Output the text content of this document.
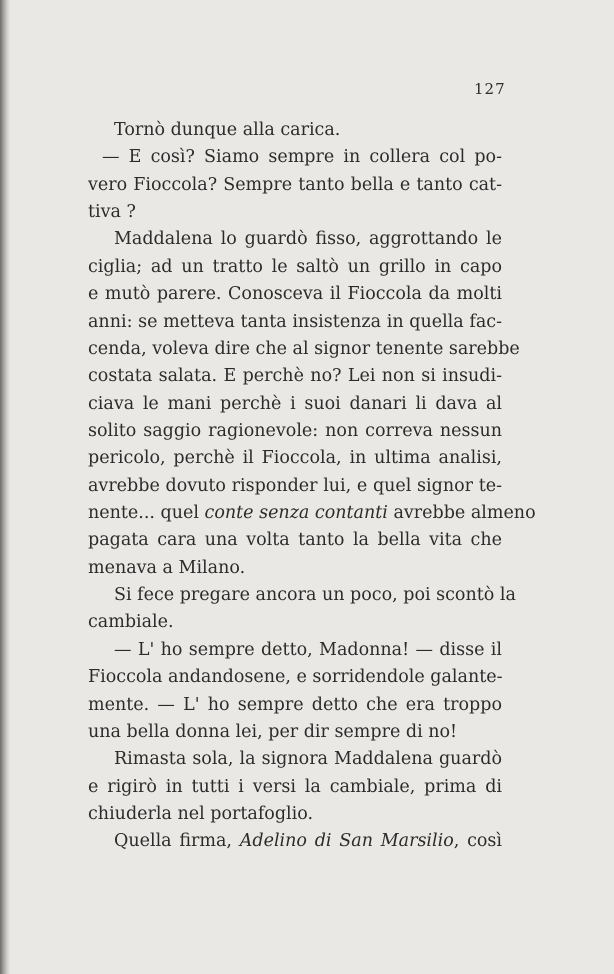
127
Tornò dunque alla carica.
— E così? Siamo sempre in collera col po-
vero Fioccola? Sempre tanto bella e tanto cat-
tiva ?
Maddalena lo guardò fisso, aggrottando le
ciglia; ad un tratto le saltò un grillo in capo
e mutò parere. Conosceva il Fioccola da molti
anni: se metteva tanta insistenza in quella fac-
cenda, voleva dire che al signor tenente sarebbe
costata salata. E perchè no? Lei non si insudi-
ciava le mani perchè i suoi danari li dava al
solito saggio ragionevole: non correva nessun
pericolo, perchè il Fioccola, in ultima analisi,
avrebbe dovuto risponder lui, e quel signor te-
nente... quel conte senza contanti avrebbe almeno
pagata cara una volta tanto la bella vita che
menava a Milano.
Si fece pregare ancora un poco, poi scontò la
cambiale.
— L' ho sempre detto, Madonna! — disse il
Fioccola andandosene, e sorridendole galante-
mente. — L' ho sempre detto che era troppo
una bella donna lei, per dir sempre di no!
Rimasta sola, la signora Maddalena guardò
e rigirò in tutti i versi la cambiale, prima di
chiuderla nel portafoglio.
Quella firma, Adelino di San Marsilio, così
